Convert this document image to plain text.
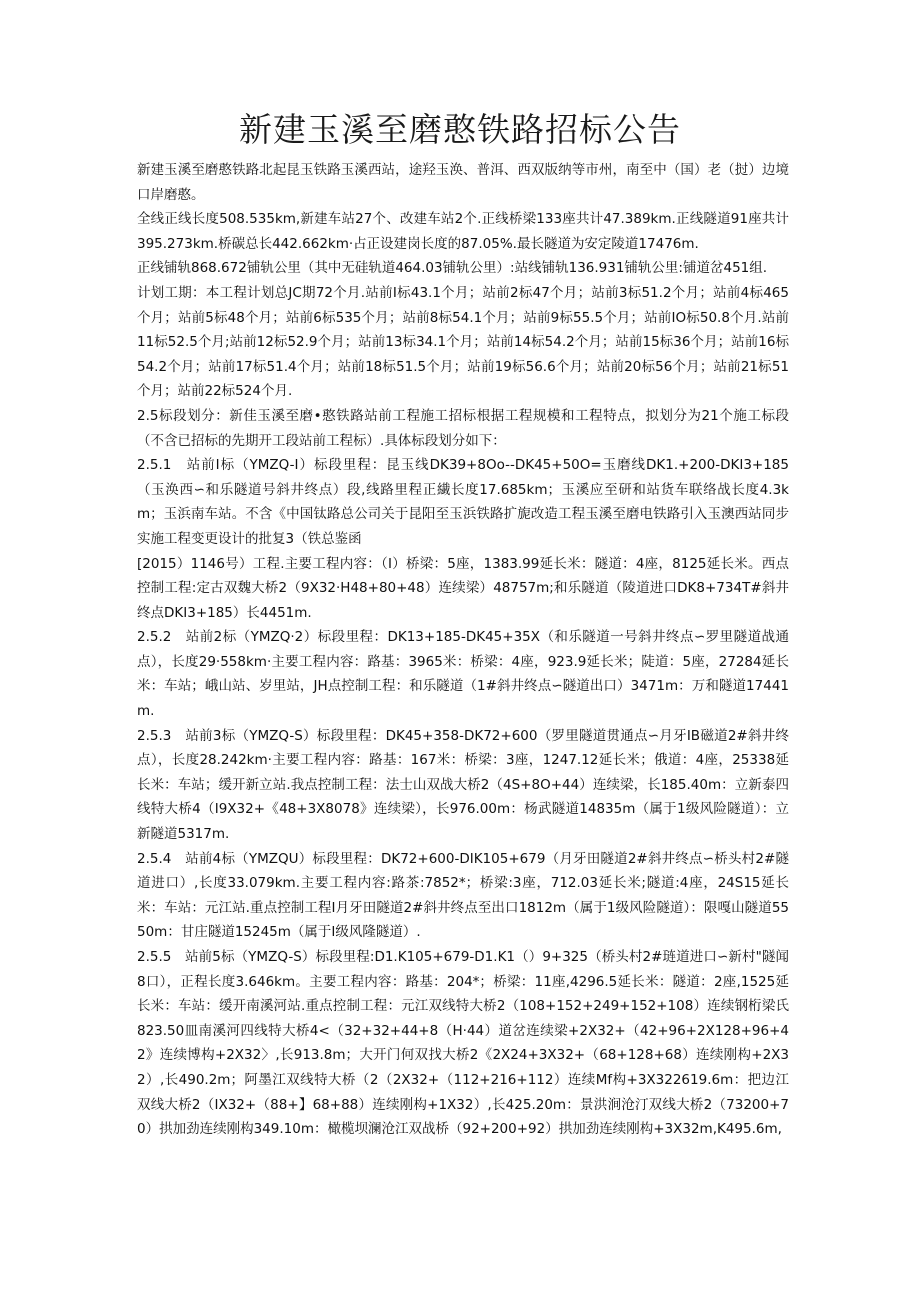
新建玉溪至磨憨铁路招标公告

新建玉溪至磨憨铁路北起昆玉铁路玉溪西站，途羟玉涣、普洱、西双版纳等市州，南至中（国）老（挝）边境口岸磨憨。

全线正线长度508.535km,新建车站27个、改建车站2个.正线桥梁133座共计47.389km.正线隧道91座共计395.273km.桥碳总长442.662km·占正设建岗长度的87.05%.最长隧道为安定陵道17476m.

正线铺轨868.672铺轨公里（其中无硅轨道464.03铺轨公里）:站线铺轨136.931铺轨公里:铺道岔451组.

计划工期：本工程计划总JC期72个月.站前I标43.1个月；站前2标47个月；站前3标51.2个月；站前4标465个月；站前5标48个月；站前6标535个月；站前8标54.1个月；站前9标55.5个月；站前IO标50.8个月.站前11标52.5个月;站前12标52.9个月；站前13标34.1个月；站前14标54.2个月；站前15标36个月；站前16标54.2个月；站前17标51.4个月；站前18标51.5个月；站前19标56.6个月；站前20标56个月；站前21标51个月；站前22标524个月.

2.5标段划分：新佳玉溪至磨•憨铁路站前工程施工招标根据工程规模和工程特点，拟划分为21个施工标段（不含已招标的先期开工段站前工程标）.具体标段划分如下：

2.5.1　站前I标（YMZQ-I）标段里程：昆玉线DK39+8Oo--DK45+50O=玉磨线DK1.+200-DKI3+185（玉涣西∽和乐隧道号斜井终点）段,线路里程正繊长度17.685km；玉溪应至研和站货车联络战长度4.3km；玉浜南车站。不含《中国钛路总公司关于昆阳至玉浜铁路扩旎改造工程玉溪至磨电铁路引入玉澳西站同步实施工程变更设计的批复3（铁总鉴函

[2015）1146号）工程.主要工程内容：（I）桥梁：5座，1383.99延长米：隧道：4座，8125延长米。西点控制工程:定古双魏大桥2（9X32·H48+80+48）连续梁）48757m;和乐隧道（陵道进口DK8+734T#斜井终点DKI3+185）长4451m.

2.5.2　站前2标（YMZQ·2）标段里程：DK13+185-DK45+35X（和乐隧道一号斜井终点∽罗里隧道战通点），长度29·558km·主要工程内容：路基：3965米：桥梁：4座，923.9延长米；陡道：5座，27284延长米：车站；峨山站、岁里站，JH点控制工程：和乐隧道（1#斜井终点∽隧道出口）3471m：万和隧道17441m.

2.5.3　站前3标（YMZQ-S）标段里程：DK45+358-DK72+600（罗里隧道贯通点∽月牙IB磁道2#斜井终点），长度28.242km·主要工程内容：路基：167米：桥梁：3座，1247.12延长米；俄道：4座，25338延长米：车站；缓开新立站.我点控制工程：法士山双战大桥2（4S+8O+44）连续梁，长185.40m：立新泰四线特大桥4（I9X32+《48+3X8078》连续梁），长976.00m：杨武隧道14835m（属于1级风险隧道）：立新隧道5317m.

2.5.4　站前4标（YMZQU）标段里程：DK72+600-DIK105+679（月牙田隧道2#斜井终点∽桥头村2#隧道进口）,长度33.079km.主要工程内容:路茶:7852*；桥梁:3座，712.03延长米;隧道:4座，24S15延长米：车站：元江站.重点控制工程I月牙田隧道2#斜井终点至出口1812m（属于1级风险隧道）：限嘎山隧道5550m：甘庄隧道15245m（属于I级风隆隧道）.

2.5.5　站前5标（YMZQ-S）标段里程:D1.K105+679-D1.K1（）9+325（桥头村2#琏道进口∽新村"隧闻8口），正程长度3.646km。主要工程内容：路基：204*；桥梁：11座,4296.5延长米：隧道：2座,1525延长米：车站：缓开南溪河站.重点控制工程：元江双线特大桥2（108+152+249+152+108）连续钢桁梁氏823.50皿南溪河四线特大桥4<（32+32+44+8（H·44）道岔连续梁+2X32+（42+96+2X128+96+42》连续博构+2X32〉,长913.8m；大开门何双找大桥2《2X24+3X32+（68+128+68）连续刚构+2X32）,长490.2m；阿墨江双线特大桥（2（2X32+（112+216+112）连续Mf构+3X322619.6m：把边江双线大桥2（IX32+（88+】68+88）连续刚构+1X32）,长425.20m：景洪涧沧汀双线大桥2（73200+70）拱加劲连续刚构349.10m：橄榄坝澜沧江双战桥（92+200+92）拱加劲连续刚构+3X32m,K495.6m,
